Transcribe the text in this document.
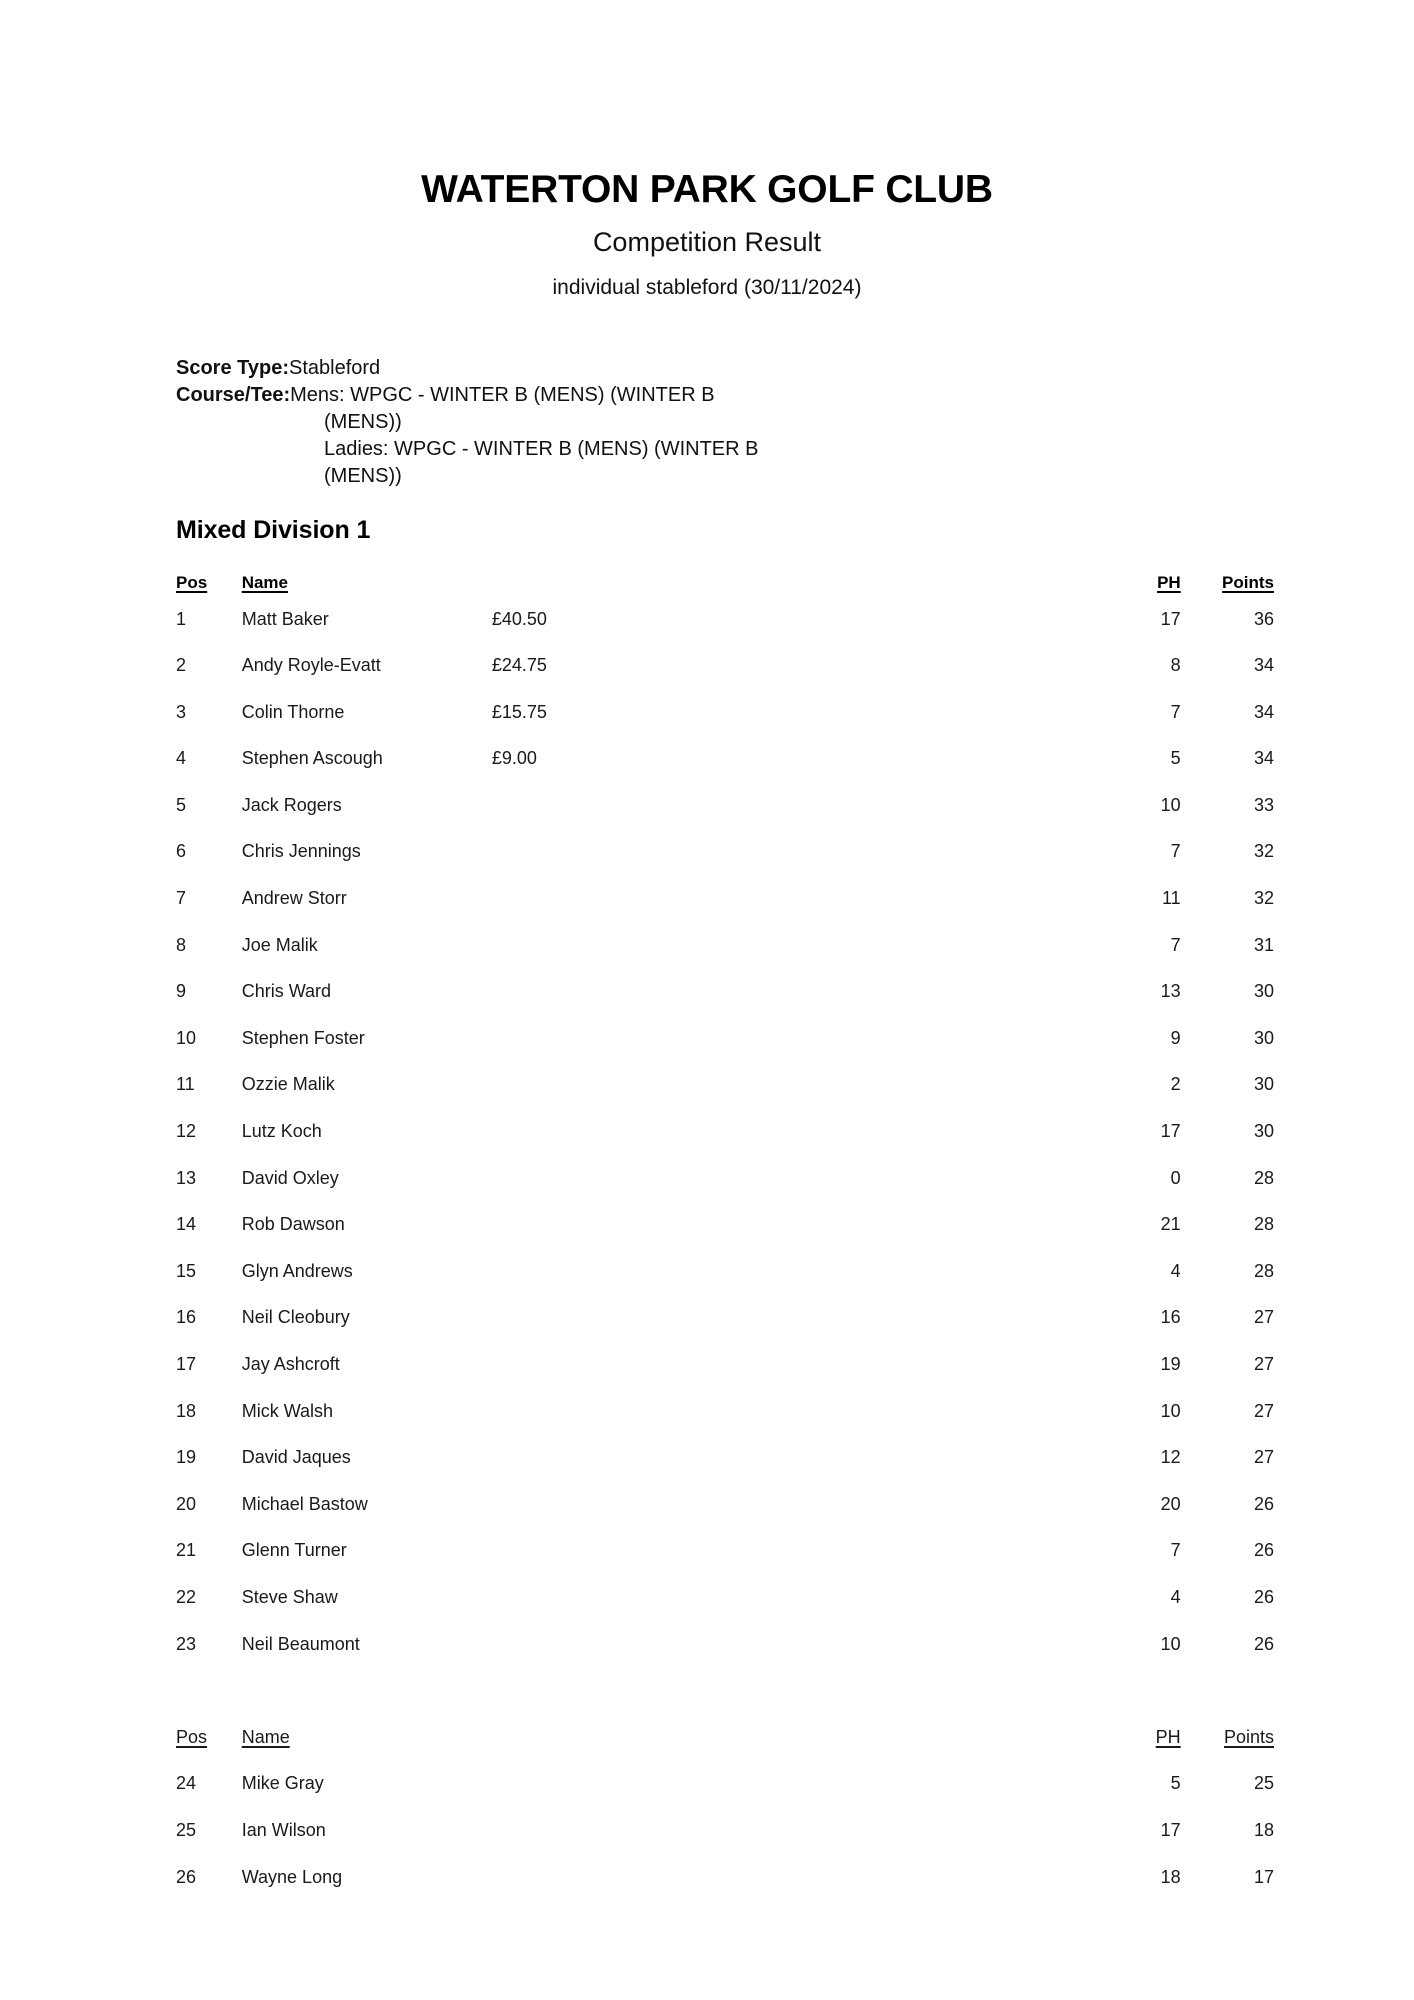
WATERTON PARK GOLF CLUB
Competition Result
individual stableford (30/11/2024)
Score Type: Stableford
Course/Tee: Mens: WPGC - WINTER B (MENS) (WINTER B
(MENS))
Ladies: WPGC - WINTER B (MENS) (WINTER B
(MENS))
Mixed Division 1
Pos	Name			PH	Points
1	Matt Baker	£40.50		17	36
2	Andy Royle-Evatt	£24.75		8	34
3	Colin Thorne	£15.75		7	34
4	Stephen Ascough	£9.00		5	34
5	Jack Rogers			10	33
6	Chris Jennings			7	32
7	Andrew Storr			11	32
8	Joe Malik			7	31
9	Chris Ward			13	30
10	Stephen Foster			9	30
11	Ozzie Malik			2	30
12	Lutz Koch			17	30
13	David Oxley			0	28
14	Rob Dawson			21	28
15	Glyn Andrews			4	28
16	Neil Cleobury			16	27
17	Jay Ashcroft			19	27
18	Mick Walsh			10	27
19	David Jaques			12	27
20	Michael Bastow			20	26
21	Glenn Turner			7	26
22	Steve Shaw			4	26
23	Neil Beaumont			10	26

Pos	Name			PH	Points
24	Mike Gray			5	25
25	Ian Wilson			17	18
26	Wayne Long			18	17
